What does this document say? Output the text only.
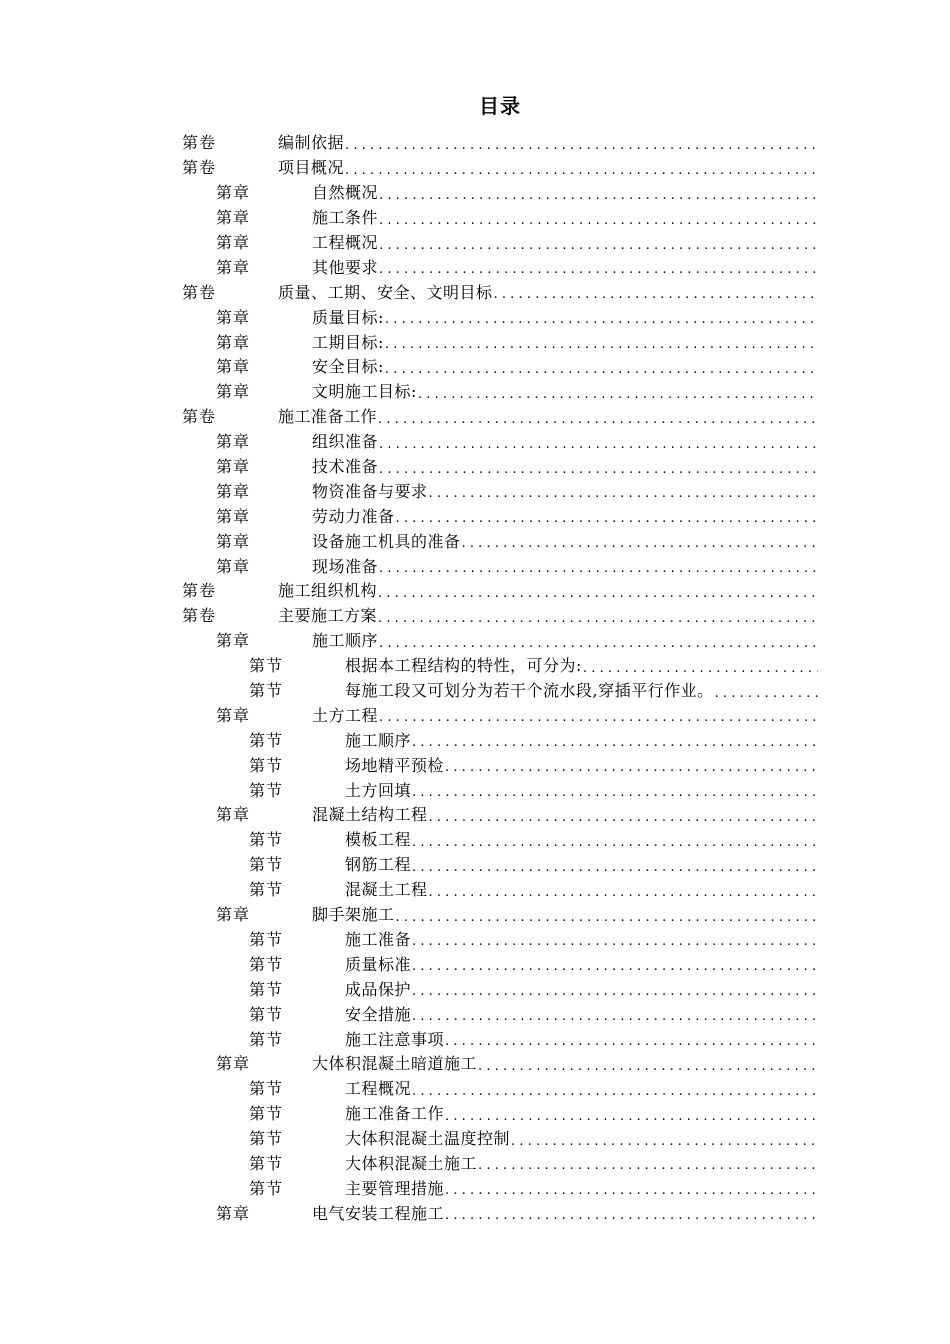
目录
第卷	编制依据
.....
第卷	项目概况
.....
第章	自然概况
.....
第章	施工条件
.....
第章	工程概况
.....
第章	其他要求
.....
第卷	质量、工期、安全、文明目标
.....
第章	质量目标:
.....
第章	工期目标:
.....
第章	安全目标:
.....
第章	文明施工目标:
.....
第卷	施工准备工作
.....
第章	组织准备
.....
第章	技术准备
.....
第章	物资准备与要求
.....
第章	劳动力准备
.....
第章	设备施工机具的准备
.....
第章	现场准备
.....
第卷	施工组织机构
.....
第卷	主要施工方案
.....
第章	施工顺序
.....
第节	根据本工程结构的特性，可分为:
.....
第节	每施工段又可划分为若干个流水段,穿插平行作业。
.....
第章	土方工程
.....
第节	施工顺序
.....
第节	场地精平预检
.....
第节	土方回填
.....
第章	混凝土结构工程
.....
第节	模板工程
.....
第节	钢筋工程
.....
第节	混凝土工程
.....
第章	脚手架施工
.....
第节	施工准备
.....
第节	质量标准
.....
第节	成品保护
.....
第节	安全措施
.....
第节	施工注意事项
.....
第章	大体积混凝土暗道施工
.....
第节	工程概况
.....
第节	施工准备工作
.....
第节	大体积混凝土温度控制
.....
第节	大体积混凝土施工
.....
第节	主要管理措施
.....
第章	电气安装工程施工
.....
